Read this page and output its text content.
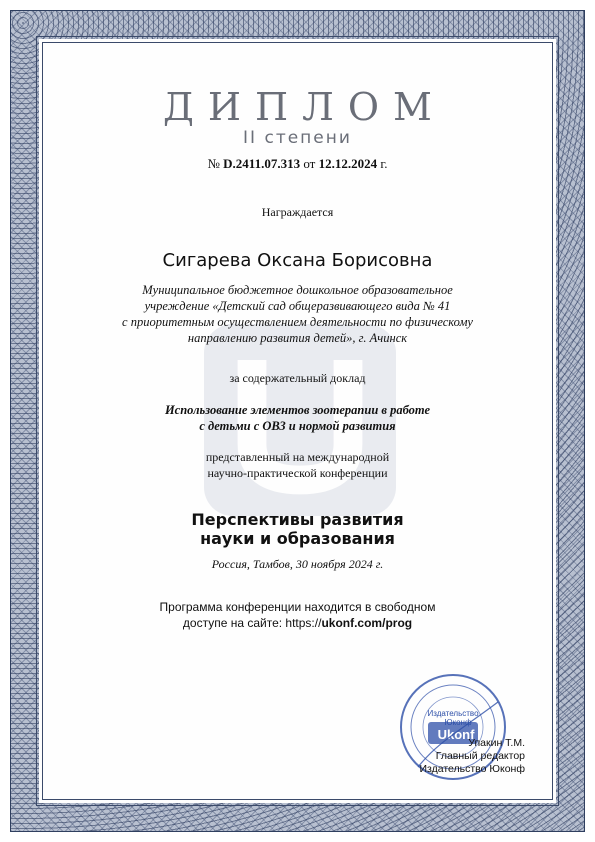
ДИПЛОМ
II степени
№ D.2411.07.313 от 12.12.2024 г.
Награждается
Сигарева Оксана Борисовна
Муниципальное бюджетное дошкольное образовательное
учреждение «Детский сад общеразвивающего вида № 41
с приоритетным осуществлением деятельности по физическому
направлению развития детей», г. Ачинск
за содержательный доклад
Использование элементов зоотерапии в работе
с детьми с ОВЗ и нормой развития
представленный на международной
научно-практической конференции
Перспективы развития
науки и образования
Россия, Тамбов, 30 ноября 2024 г.
Программа конференции находится в свободном
доступе на сайте: https://ukonf.com/prog
Издательство
Юконф
Ukonf
Упакин Т.М.
Главный редактор
Издательство Юконф
